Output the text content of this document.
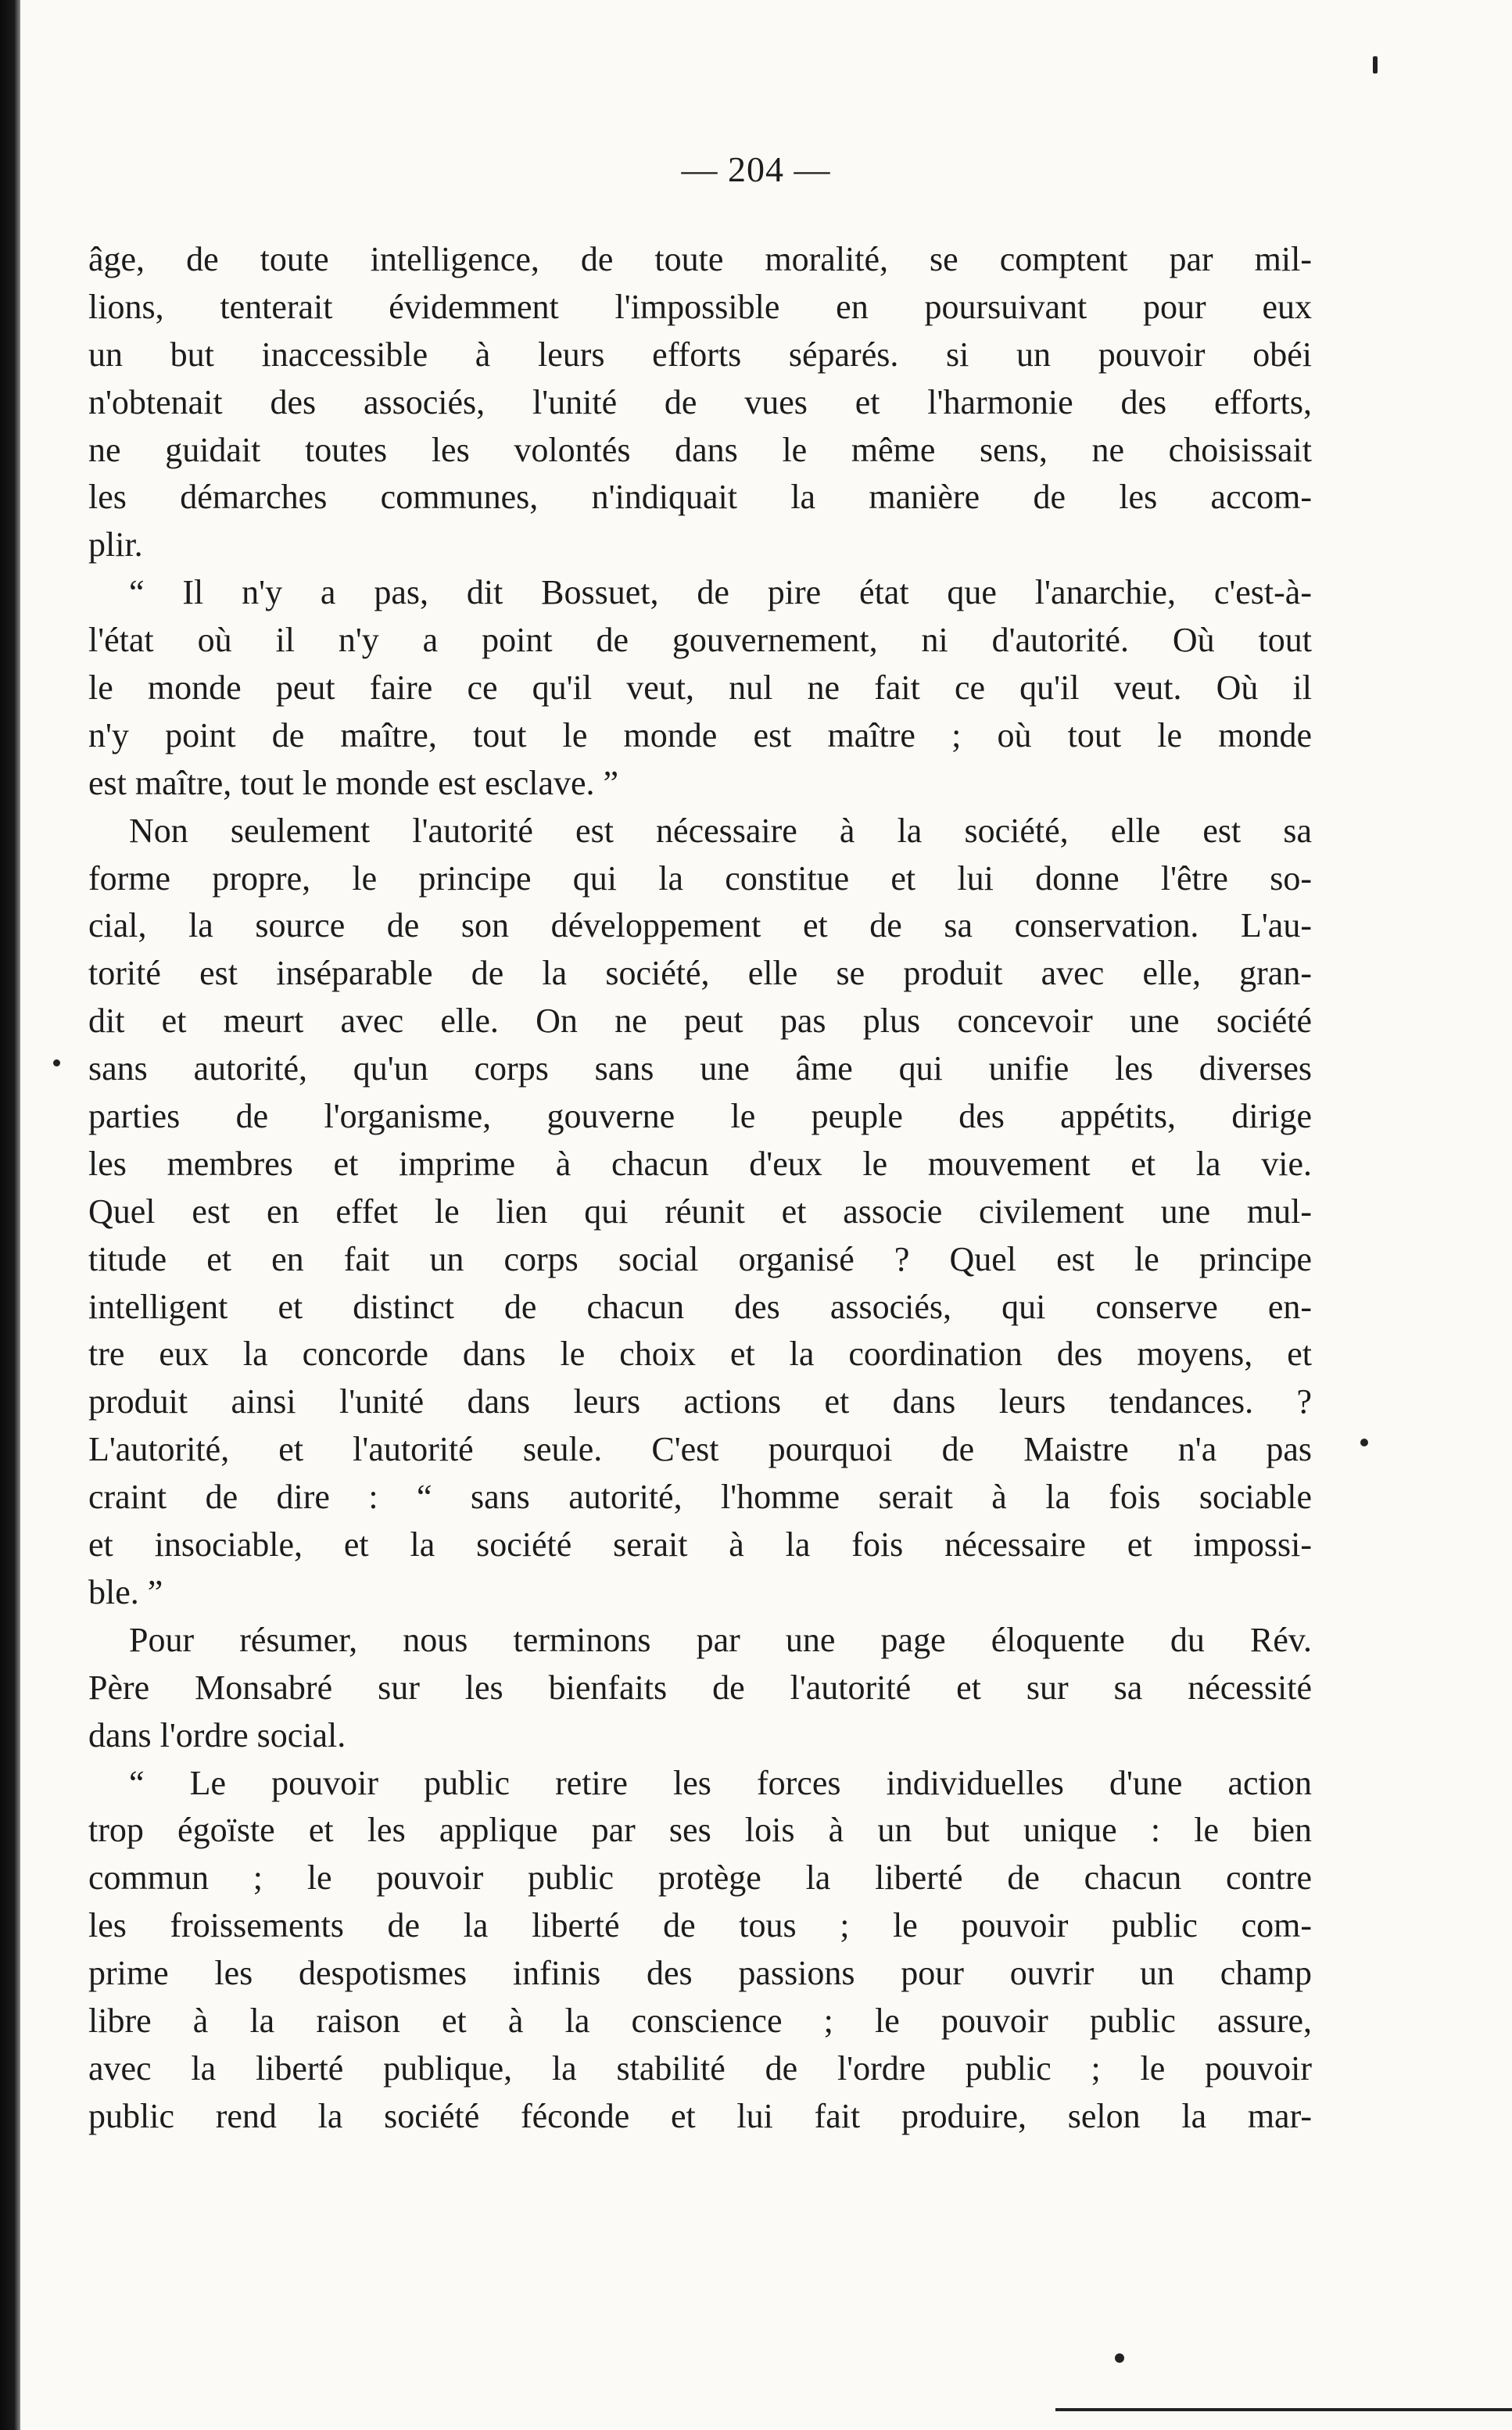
— 204 —
âge, de toute intelligence, de toute moralité, se comptent par mil-
lions, tenterait évidemment l'impossible en poursuivant pour eux
un but inaccessible à leurs efforts séparés. si un pouvoir obéi
n'obtenait des associés, l'unité de vues et l'harmonie des efforts,
ne guidait toutes les volontés dans le même sens, ne choisissait
les démarches communes, n'indiquait la manière de les accom-
plir.
“ Il n'y a pas, dit Bossuet, de pire état que l'anarchie, c'est-à-
l'état où il n'y a point de gouvernement, ni d'autorité. Où tout
le monde peut faire ce qu'il veut, nul ne fait ce qu'il veut. Où il
n'y point de maître, tout le monde est maître ; où tout le monde
est maître, tout le monde est esclave. ”
Non seulement l'autorité est nécessaire à la société, elle est sa
forme propre, le principe qui la constitue et lui donne l'être so-
cial, la source de son développement et de sa conservation. L'au-
torité est inséparable de la société, elle se produit avec elle, gran-
dit et meurt avec elle. On ne peut pas plus concevoir une société
sans autorité, qu'un corps sans une âme qui unifie les diverses
parties de l'organisme, gouverne le peuple des appétits, dirige
les membres et imprime à chacun d'eux le mouvement et la vie.
Quel est en effet le lien qui réunit et associe civilement une mul-
titude et en fait un corps social organisé ? Quel est le principe
intelligent et distinct de chacun des associés, qui conserve en-
tre eux la concorde dans le choix et la coordination des moyens, et
produit ainsi l'unité dans leurs actions et dans leurs tendances. ?
L'autorité, et l'autorité seule. C'est pourquoi de Maistre n'a pas
craint de dire : “ sans autorité, l'homme serait à la fois sociable
et insociable, et la société serait à la fois nécessaire et impossi-
ble. ”
Pour résumer, nous terminons par une page éloquente du Rév.
Père Monsabré sur les bienfaits de l'autorité et sur sa nécessité
dans l'ordre social.
“ Le pouvoir public retire les forces individuelles d'une action
trop égoïste et les applique par ses lois à un but unique : le bien
commun ; le pouvoir public protège la liberté de chacun contre
les froissements de la liberté de tous ; le pouvoir public com-
prime les despotismes infinis des passions pour ouvrir un champ
libre à la raison et à la conscience ; le pouvoir public assure,
avec la liberté publique, la stabilité de l'ordre public ; le pouvoir
public rend la société féconde et lui fait produire, selon la mar-
